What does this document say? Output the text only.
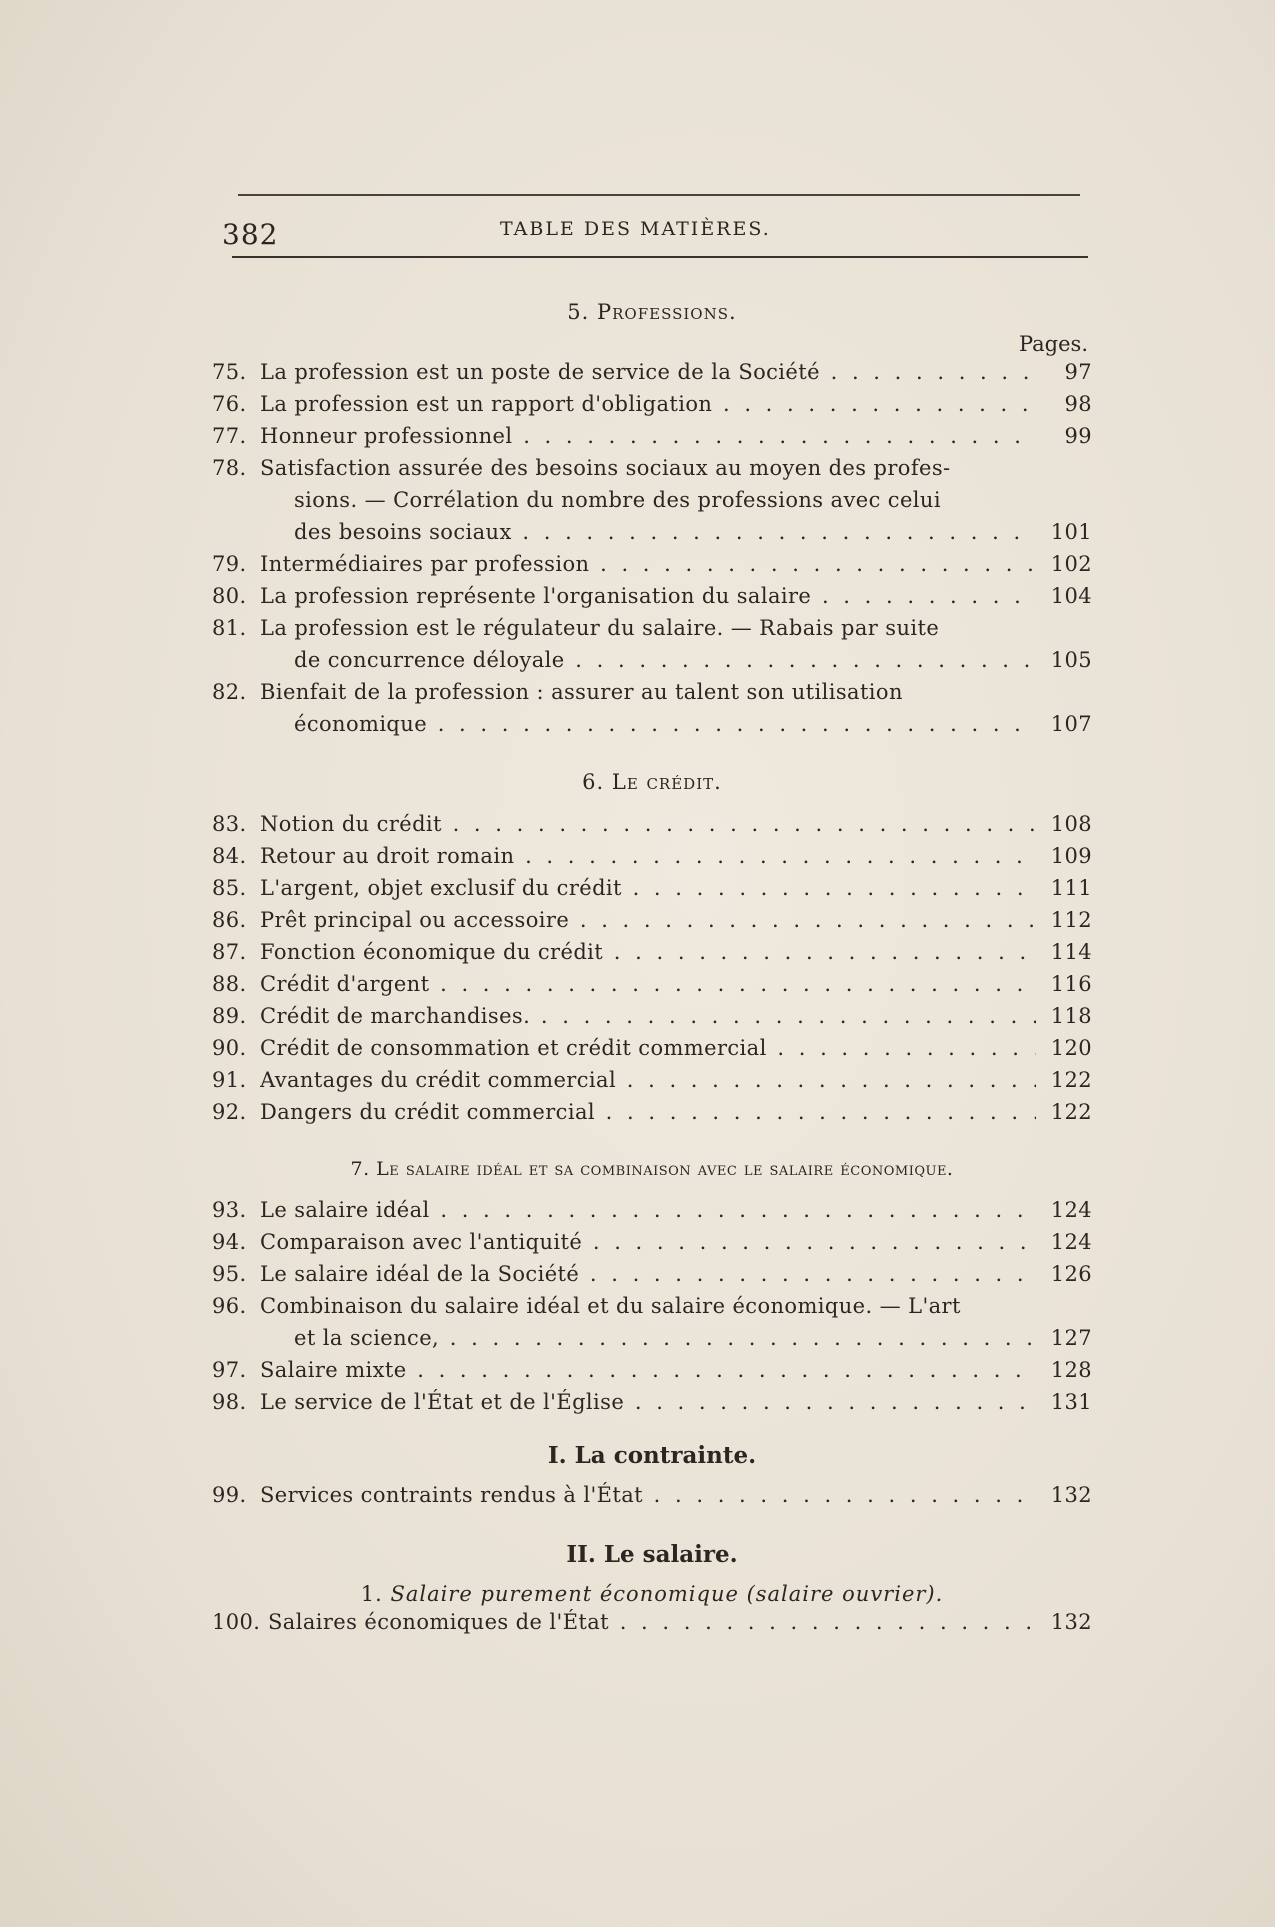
382	TABLE DES MATIÈRES.

5. Professions.

Pages.
75. La profession est un poste de service de la Société . . .	97
76. La profession est un rapport d'obligation . . .	98
77. Honneur professionnel . . .	99
78. Satisfaction assurée des besoins sociaux au moyen des profes-
sions. — Corrélation du nombre des professions avec celui
des besoins sociaux . . .	101
79. Intermédiaires par profession . . .	102
80. La profession représente l'organisation du salaire . . .	104
81. La profession est le régulateur du salaire. — Rabais par suite
de concurrence déloyale . . .	105
82. Bienfait de la profession : assurer au talent son utilisation
économique . . .	107

6. Le crédit.

83. Notion du crédit . . .	108
84. Retour au droit romain . . .	109
85. L'argent, objet exclusif du crédit . . .	111
86. Prêt principal ou accessoire . . .	112
87. Fonction économique du crédit . . .	114
88. Crédit d'argent . . .	116
89. Crédit de marchandises. . . .	118
90. Crédit de consommation et crédit commercial . . .	120
91. Avantages du crédit commercial . . .	122
92. Dangers du crédit commercial . . .	122

7. Le salaire idéal et sa combinaison avec le salaire économique.

93. Le salaire idéal . . .	124
94. Comparaison avec l'antiquité . . .	124
95. Le salaire idéal de la Société . . .	126
96. Combinaison du salaire idéal et du salaire économique. — L'art
et la science, . . .	127
97. Salaire mixte . . .	128
98. Le service de l'État et de l'Église . . .	131

I. La contrainte.

99. Services contraints rendus à l'État . . .	132

II. Le salaire.

1. Salaire purement économique (salaire ouvrier).

100. Salaires économiques de l'État . . .	132
